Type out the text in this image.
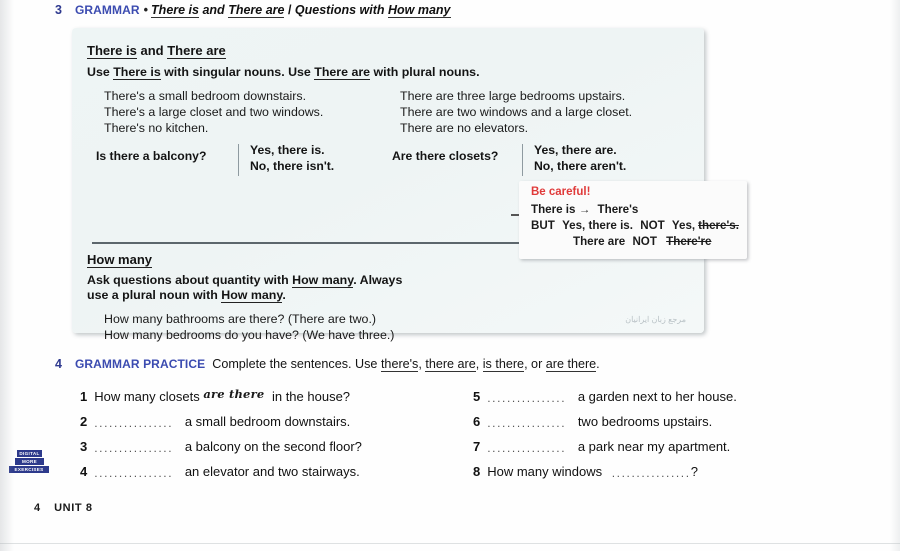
3 GRAMMAR • There is and There are / Questions with How many
There is and There are
Use There is with singular nouns. Use There are with plural nouns.
There's a small bedroom downstairs.
There's a large closet and two windows.
There's no kitchen.
There are three large bedrooms upstairs.
There are two windows and a large closet.
There are no elevators.
Is there a balcony?	Yes, there is.
No, there isn't.
Are there closets?	Yes, there are.
No, there aren't.
How many
Ask questions about quantity with How many. Always
use a plural noun with How many.
How many bathrooms are there? (There are two.)
How many bedrooms do you have? (We have three.)
مرجع زبان ایرانیان
Be careful!
There is → There's
BUT Yes, there is. NOT Yes, there's.
There are NOT There're
4 GRAMMAR PRACTICE Complete the sentences. Use there's, there are, is there, or are there.
1 How many closets are there in the house?
2 ................ a small bedroom downstairs.
3 ................ a balcony on the second floor?
4 ................ an elevator and two stairways.
5 ................ a garden next to her house.
6 ................ two bedrooms upstairs.
7 ................ a park near my apartment.
8 How many windows ................?
DIGITAL
MORE
EXERCISES
4 UNIT 8
